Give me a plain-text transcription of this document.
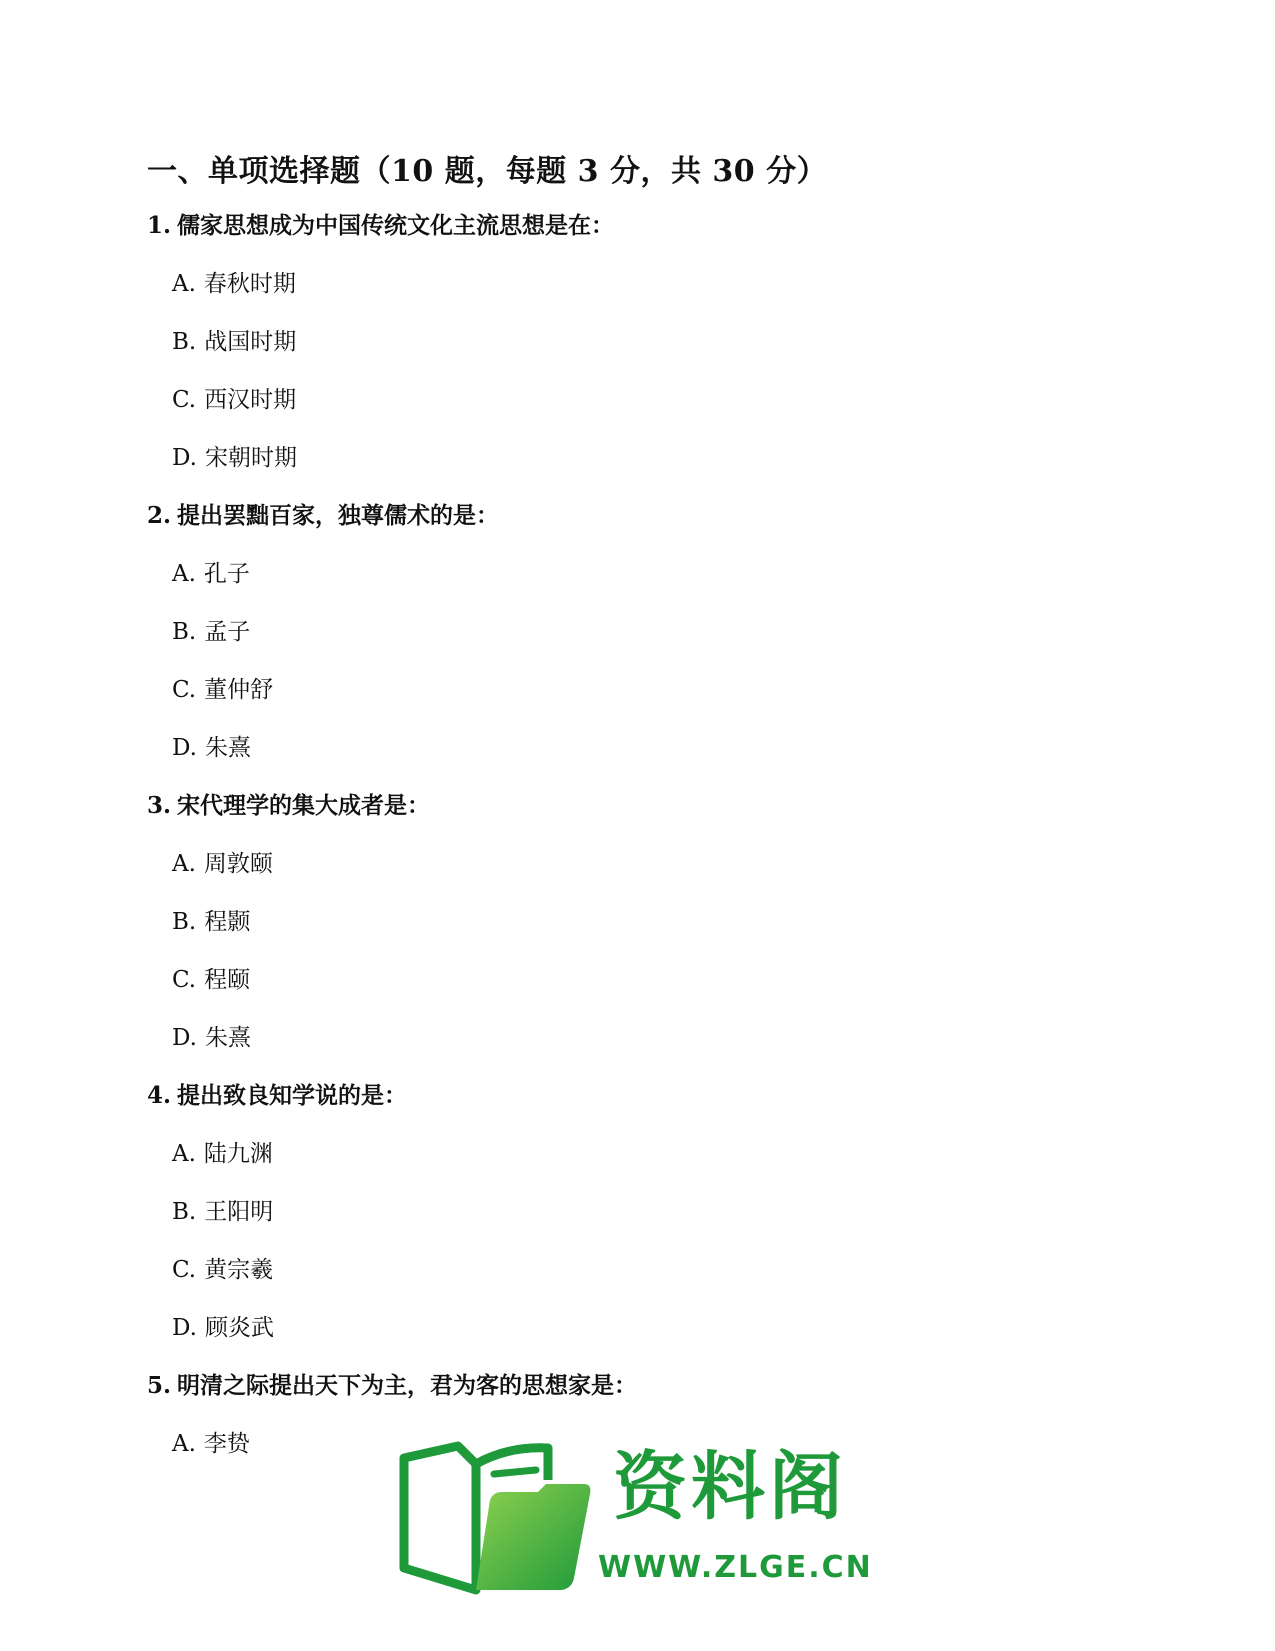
一、单项选择题（10 题，每题 3 分，共 30 分）
1. 儒家思想成为中国传统文化主流思想是在：
A. 春秋时期
B. 战国时期
C. 西汉时期
D. 宋朝时期
2. 提出罢黜百家，独尊儒术的是：
A. 孔子
B. 孟子
C. 董仲舒
D. 朱熹
3. 宋代理学的集大成者是：
A. 周敦颐
B. 程颢
C. 程颐
D. 朱熹
4. 提出致良知学说的是：
A. 陆九渊
B. 王阳明
C. 黄宗羲
D. 顾炎武
5. 明清之际提出天下为主，君为客的思想家是：
A. 李贽	资料阁
WWW.ZLGE.CN
